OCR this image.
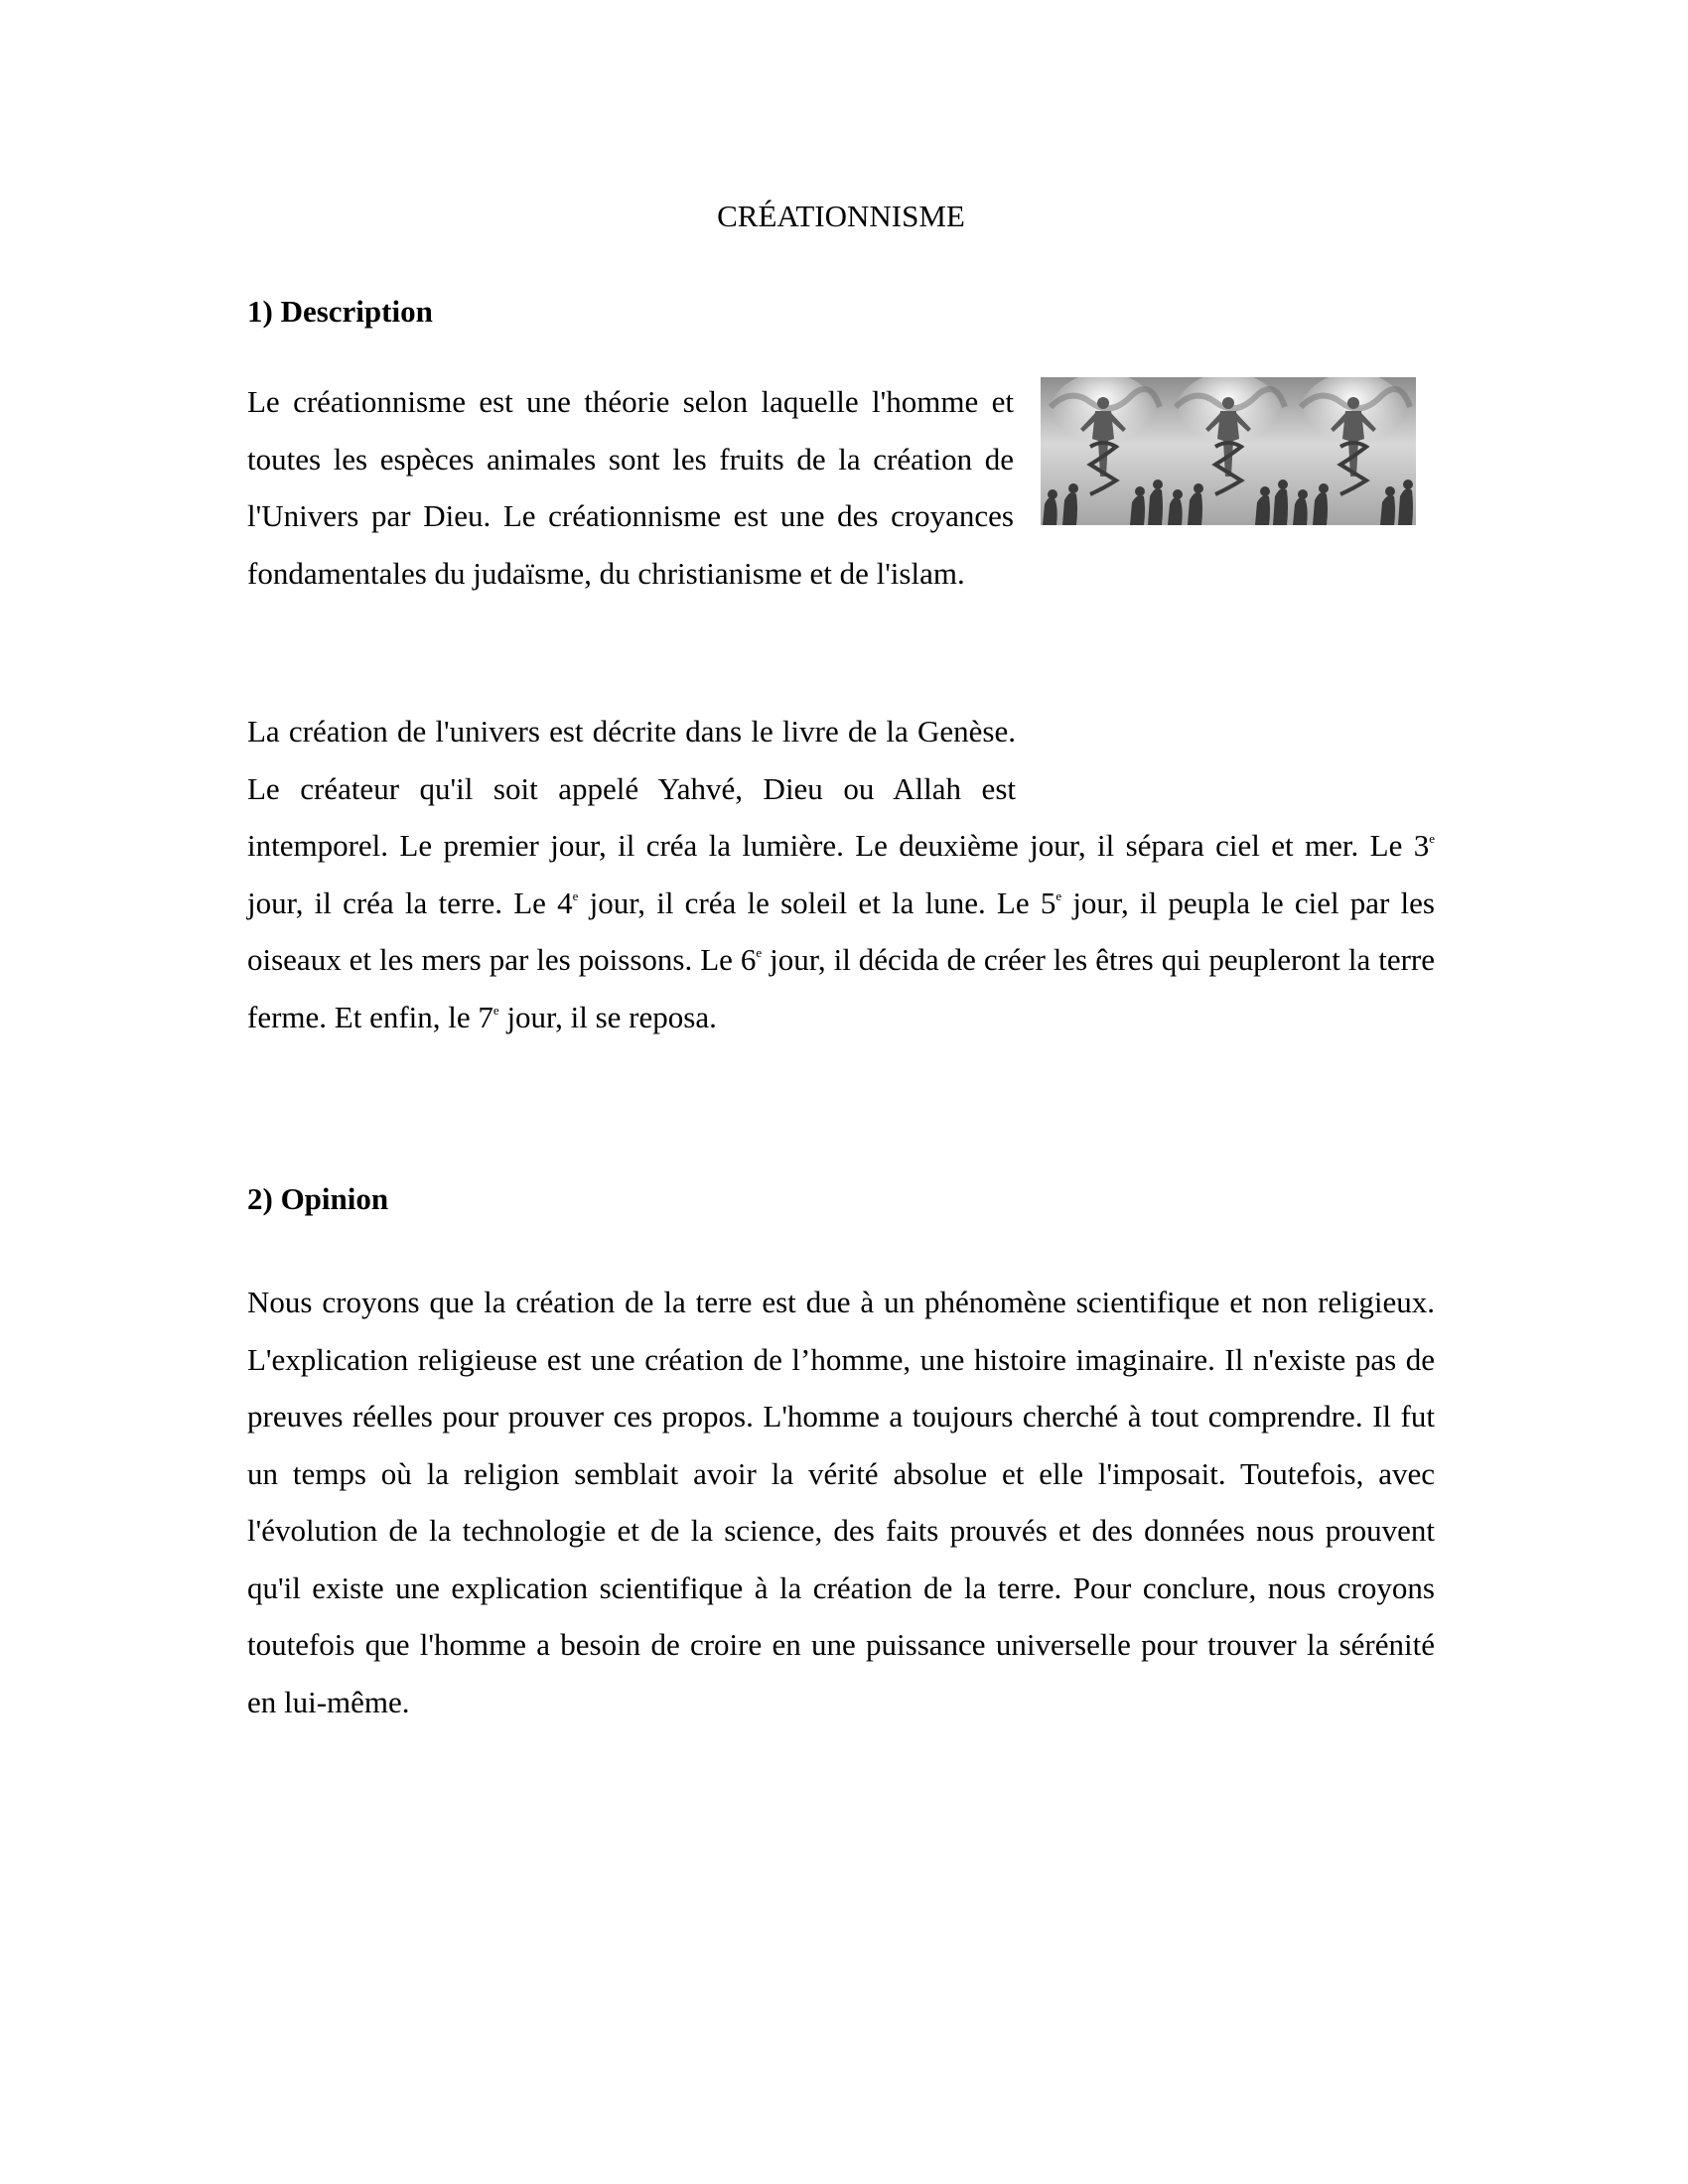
CRÉATIONNISME
1) Description

Le créationnisme est une théorie selon laquelle l'homme et toutes les espèces animales sont les fruits de la création de l'Univers par Dieu. Le créationnisme est une des croyances fondamentales du judaïsme, du christianisme et de l'islam.

La création de l'univers est décrite dans le livre de la Genèse. Le créateur qu'il soit appelé Yahvé, Dieu ou Allah est intemporel. Le premier jour, il créa la lumière. Le deuxième jour, il sépara ciel et mer. Le 3e jour, il créa la terre. Le 4e jour, il créa le soleil et la lune. Le 5e jour, il peupla le ciel par les oiseaux et les mers par les poissons. Le 6e jour, il décida de créer les êtres qui peupleront la terre ferme. Et enfin, le 7e jour, il se reposa.

2) Opinion

Nous croyons que la création de la terre est due à un phénomène scientifique et non religieux. L'explication religieuse est une création de l’homme, une histoire imaginaire. Il n'existe pas de preuves réelles pour prouver ces propos. L'homme a toujours cherché à tout comprendre. Il fut un temps où la religion semblait avoir la vérité absolue et elle l'imposait. Toutefois, avec l'évolution de la technologie et de la science, des faits prouvés et des données nous prouvent qu'il existe une explication scientifique à la création de la terre. Pour conclure, nous croyons toutefois que l'homme a besoin de croire en une puissance universelle pour trouver la sérénité en lui-même.
